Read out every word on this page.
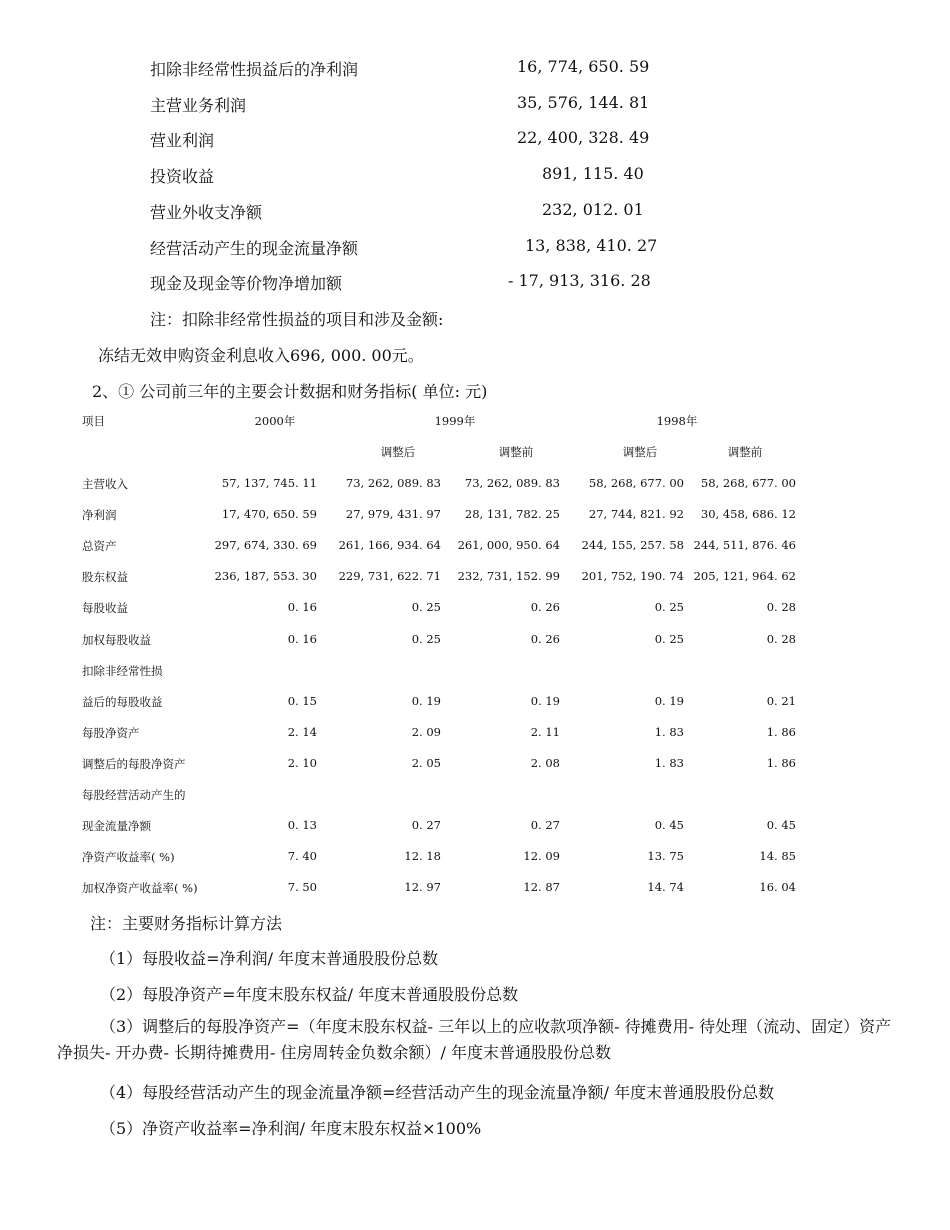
扣除非经常性损益后的净利润	16, 774, 650. 59
主营业务利润	35, 576, 144. 81
营业利润	22, 400, 328. 49
投资收益	891, 115. 40
营业外收支净额	232, 012. 01
经营活动产生的现金流量净额	13, 838, 410. 27
现金及现金等价物净增加额	- 17, 913, 316. 28
注：扣除非经常性损益的项目和涉及金额:
冻结无效申购资金利息收入696, 000. 00元。
2、① 公司前三年的主要会计数据和财务指标( 单位: 元)
项目	2000年	1999年	1998年
调整后	调整前	调整后	调整前
主营收入	57, 137, 745. 11	73, 262, 089. 83	73, 262, 089. 83	58, 268, 677. 00	58, 268, 677. 00
净利润	17, 470, 650. 59	27, 979, 431. 97	28, 131, 782. 25	27, 744, 821. 92	30, 458, 686. 12
总资产	297, 674, 330. 69	261, 166, 934. 64	261, 000, 950. 64	244, 155, 257. 58 244, 511, 876. 46
股东权益	236, 187, 553. 30	229, 731, 622. 71	232, 731, 152. 99	201, 752, 190. 74 205, 121, 964. 62
每股收益	0. 16	0. 25	0. 26	0. 25	0. 28
加权每股收益	0. 16	0. 25	0. 26	0. 25	0. 28
扣除非经常性损
益后的每股收益	0. 15	0. 19	0. 19	0. 19	0. 21
每股净资产	2. 14	2. 09	2. 11	1. 83	1. 86
调整后的每股净资产	2. 10	2. 05	2. 08	1. 83	1. 86
每股经营活动产生的
现金流量净额	0. 13	0. 27	0. 27	0. 45	0. 45
净资产收益率( %)	7. 40	12. 18	12. 09	13. 75	14. 85
加权净资产收益率( %)	7. 50	12. 97	12. 87	14. 74	16. 04
注：主要财务指标计算方法
（1）每股收益=净利润/ 年度末普通股股份总数
（2）每股净资产=年度末股东权益/ 年度末普通股股份总数
（3）调整后的每股净资产=（年度末股东权益- 三年以上的应收款项净额- 待摊费用- 待处理（流动、固定）资产净损失- 开办费- 长期待摊费用- 住房周转金负数余额）/ 年度末普通股股份总数
（4）每股经营活动产生的现金流量净额=经营活动产生的现金流量净额/ 年度末普通股股份总数
（5）净资产收益率=净利润/ 年度末股东权益×100%
